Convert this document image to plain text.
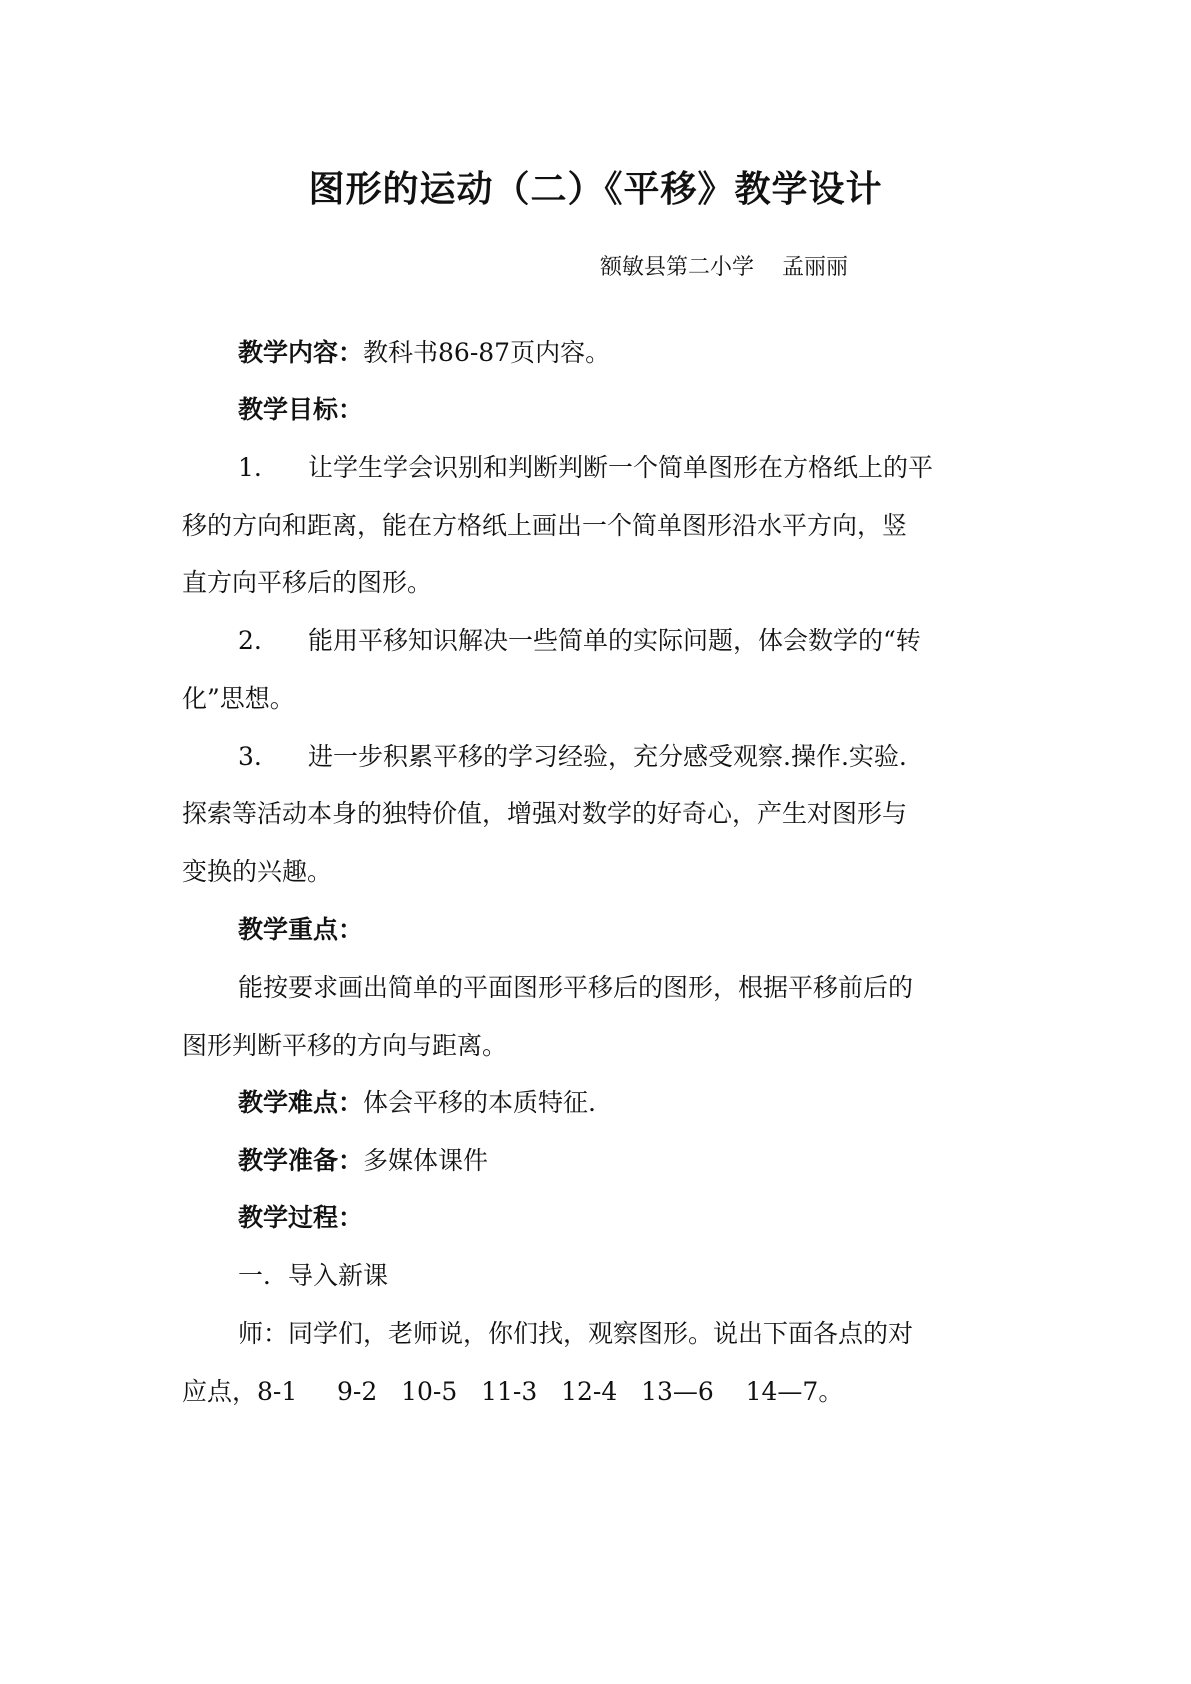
图形的运动（二）《平移》教学设计
额敏县第二小学    孟丽丽
教学内容：教科书86-87页内容。
教学目标：
1. 让学生学会识别和判断判断一个简单图形在方格纸上的平
移的方向和距离，能在方格纸上画出一个简单图形沿水平方向，竖
直方向平移后的图形。
2. 能用平移知识解决一些简单的实际问题，体会数学的“转
化”思想。
3. 进一步积累平移的学习经验，充分感受观察.操作.实验.
探索等活动本身的独特价值，增强对数学的好奇心，产生对图形与
变换的兴趣。
教学重点：
能按要求画出简单的平面图形平移后的图形，根据平移前后的
图形判断平移的方向与距离。
教学难点：体会平移的本质特征.
教学准备：多媒体课件
教学过程：
一．导入新课
师：同学们，老师说，你们找，观察图形。说出下面各点的对
应点，8-1     9-2   10-5   11-3   12-4   13—6    14—7。
